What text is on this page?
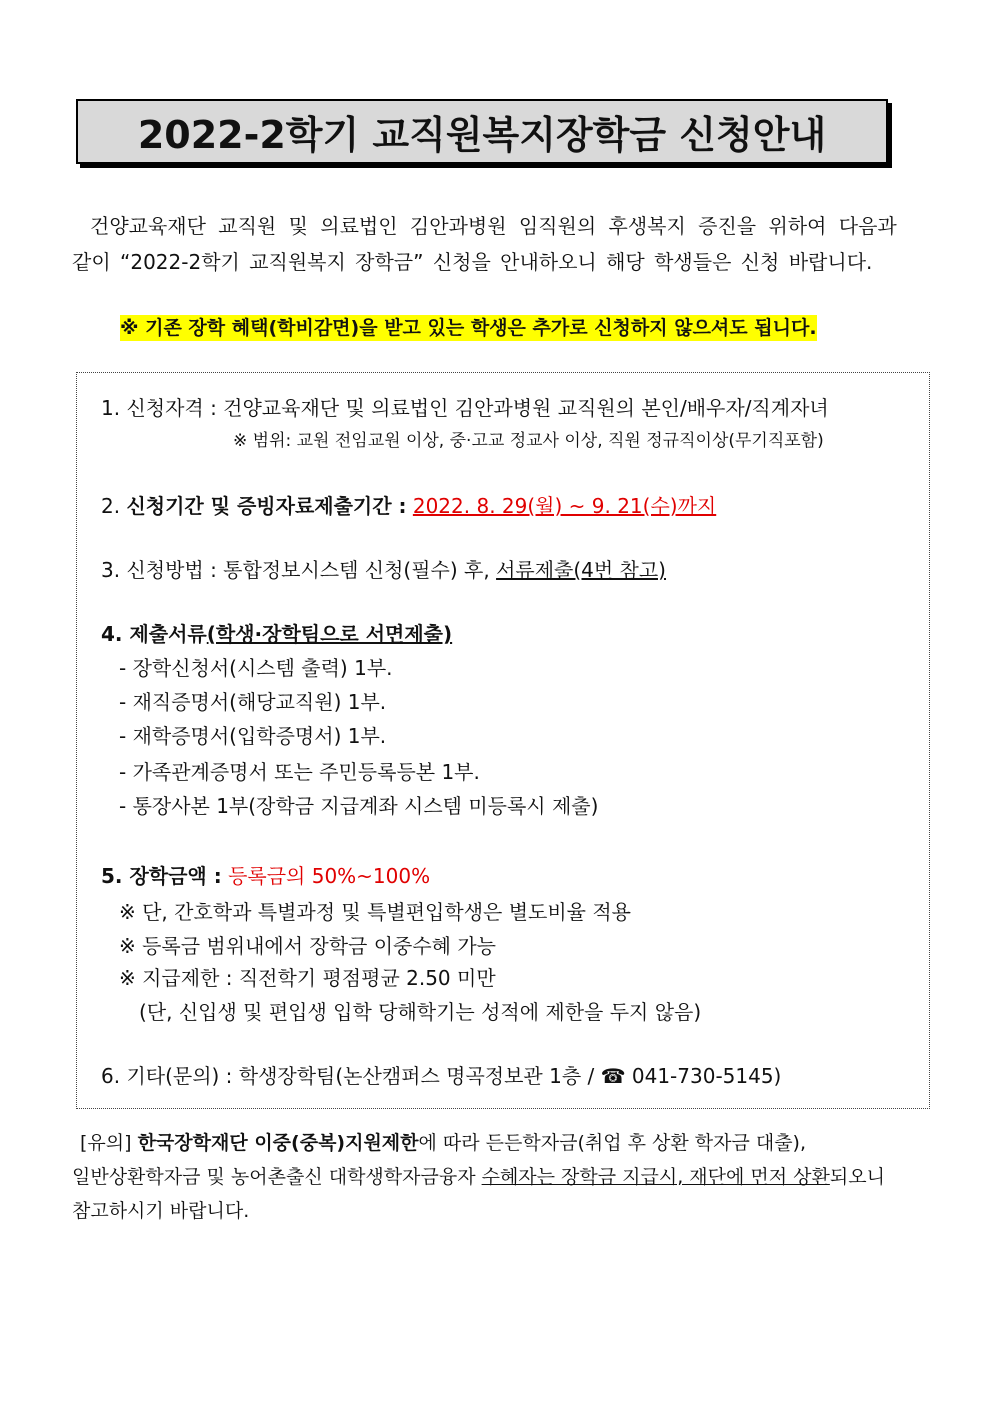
2022-2학기 교직원복지장학금 신청안내
건양교육재단 교직원 및 의료법인 김안과병원 임직원의 후생복지 증진을 위하여 다음과
같이 “2022-2학기 교직원복지 장학금” 신청을 안내하오니 해당 학생들은 신청 바랍니다.
※ 기존 장학 혜택(학비감면)을 받고 있는 학생은 추가로 신청하지 않으셔도 됩니다.
1. 신청자격 : 건양교육재단 및 의료법인 김안과병원 교직원의 본인/배우자/직계자녀
※ 범위: 교원 전임교원 이상, 중·고교 정교사 이상, 직원 정규직이상(무기직포함)
2. 신청기간 및 증빙자료제출기간 : 2022. 8. 29(월) ~ 9. 21(수)까지
3. 신청방법 : 통합정보시스템 신청(필수) 후, 서류제출(4번 참고)
4. 제출서류(학생·장학팀으로 서면제출)
- 장학신청서(시스템 출력) 1부.
- 재직증명서(해당교직원) 1부.
- 재학증명서(입학증명서) 1부.
- 가족관계증명서 또는 주민등록등본 1부.
- 통장사본 1부(장학금 지급계좌 시스템 미등록시 제출)
5. 장학금액 : 등록금의 50%~100%
※ 단, 간호학과 특별과정 및 특별편입학생은 별도비율 적용
※ 등록금 범위내에서 장학금 이중수혜 가능
※ 지급제한 : 직전학기 평점평균 2.50 미만
(단, 신입생 및 편입생 입학 당해학기는 성적에 제한을 두지 않음)
6. 기타(문의) : 학생장학팀(논산캠퍼스 명곡정보관 1층 / ☎ 041-730-5145)
[유의] 한국장학재단 이중(중복)지원제한에 따라 든든학자금(취업 후 상환 학자금 대출),
일반상환학자금 및 농어촌출신 대학생학자금융자 수혜자는 장학금 지급시, 재단에 먼저 상환되오니
참고하시기 바랍니다.
